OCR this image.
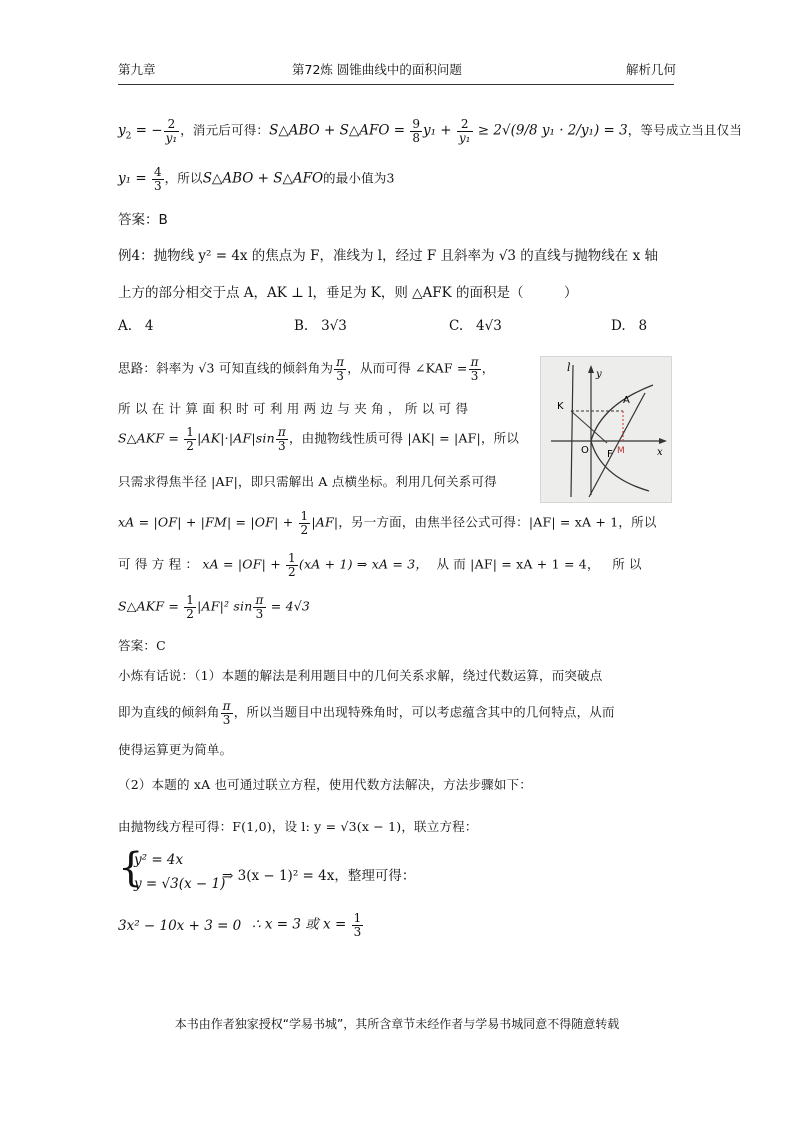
第九章	第72炼 圆锥曲线中的面积问题	解析几何
$y_2$ = − $\frac{2}{\text{y₁}}$ ，消元后可得：S△ABO + S△AFO = $\frac{9}{8} y_1 + \frac{2}{\text{y₁}} \ge 2√(9/8$ y₁ · 2/y₁) = 3，等号成立当且仅当
$y_1 = \frac{4}{3}$ ，所以S△ABO + S△AFO的最小值为3
答案：B
例4：抛物线 y² = 4x 的焦点为 F，准线为 l，经过 F 且斜率为 √3 的直线与抛物线在 x 轴
上方的部分相交于点 A，AK ⊥ l，垂足为 K，则 △AFK 的面积是（　　　）
A. 4	B. 3√3	C. 4√3	D. 8
思路：斜率为 √3 可知直线的倾斜角为 $\frac{\pi}{3}$ ，从而可得 ∠KAF = $\frac{\pi}{3}$ ，
所 以 在 计 算 面 积 时 可 利 用 两 边 与 夹 角 ， 所 以 可 得
S△AKF = $\frac{1}{2} |AK|\cdot|AF|\sin \frac{\pi}{3}$ ，由抛物线性质可得 |AK| = |AF|，所以
只需求得焦半径 |AF|，即只需解出 A 点横坐标。利用几何关系可得
xA = $|OF| + |FM| = |OF| + \frac{1}{2} |AF|$，另一方面，由焦半径公式可得：|AF| = xA + 1，所以
可 得 方 程 ： xA = $|OF| + \frac{1}{2} (xA + 1)$ ⇒ xA = 3， 从 而 |AF| = xA + 1 = 4， 所 以
S△AKF = $\frac{1}{2} |AF|^2$ $\sin \frac{\pi}{3} = 4√3$
答案：C
l
y
K
A
O F M	x
小炼有话说：（1）本题的解法是利用题目中的几何关系求解，绕过代数运算，而突破点
即为直线的倾斜角 $\frac{\pi}{3}$ ，所以当题目中出现特殊角时，可以考虑蕴含其中的几何特点，从而
使得运算更为简单。
（2）本题的 xA 也可通过联立方程，使用代数方法解决，方法步骤如下：
由抛物线方程可得：F(1,0)，设 l: y = √3(x − 1)，联立方程：
{
y² = 4x
y = √3(x − 1)
⇒ 3(x − 1)² = 4x，整理可得：
3x² − 10x + 3 = 0 ∴ x = 3 或 $x = \frac{1}{3}$
本书由作者独家授权“学易书城”，其所含章节未经作者与学易书城同意不得随意转载
